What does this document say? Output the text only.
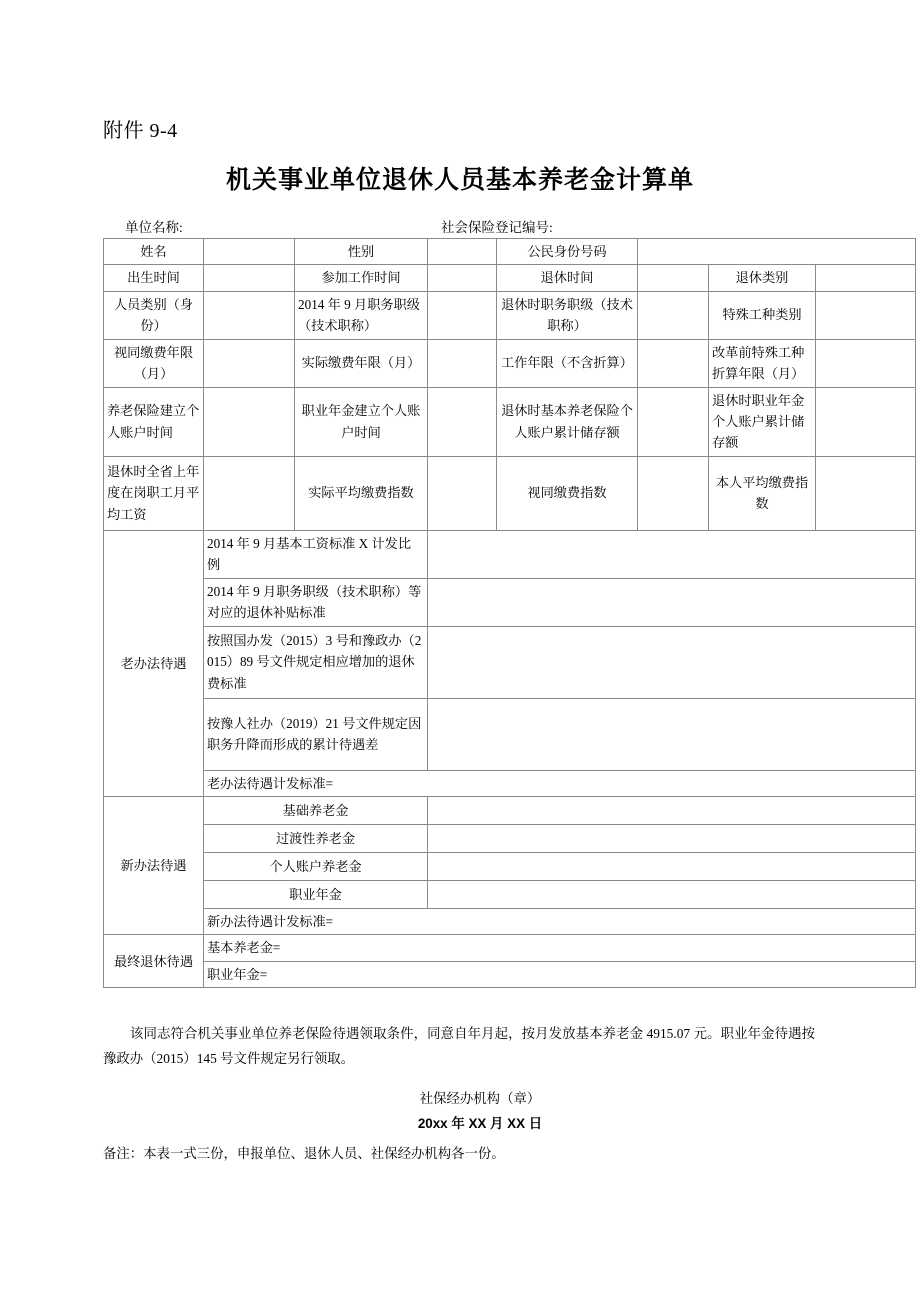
附件 9-4
机关事业单位退休人员基本养老金计算单
单位名称:	社会保险登记编号:
姓名		性别		公民身份号码			
出生时间		参加工作时间		退休时间		退休类别	
人员类别（身份）		2014 年 9 月职务职级（技术职称）		退休时职务职级（技术职称）		特殊工种类别	
视同缴费年限（月）		实际缴费年限（月）		工作年限（不含折算）		改革前特殊工种折算年限（月）	
养老保险建立个人账户时间		职业年金建立个人账户时间		退休时基本养老保险个人账户累计储存额		退休时职业年金个人账户累计储存额	
退休时全省上年度在岗职工月平均工资		实际平均缴费指数		视同缴费指数		本人平均缴费指数	
老办法待遇	2014 年 9 月基本工资标准 X 计发比例						
	2014 年 9 月职务职级（技术职称）等对应的退休补贴标准						
	按照国办发（2015）3 号和豫政办（2015）89 号文件规定相应增加的退休费标准						
	按豫人社办（2019）21 号文件规定因职务升降而形成的累计待遇差						
	老办法待遇计发标准=						
新办法待遇	基础养老金						
	过渡性养老金						
	个人账户养老金						
	职业年金						
	新办法待遇计发标准=						
最终退休待遇	基本养老金=						
	职业年金=						
该同志符合机关事业单位养老保险待遇领取条件，同意自年月起，按月发放基本养老金 4915.07 元。职业年金待遇按豫政办（2015）145 号文件规定另行领取。
社保经办机构（章）
20xx 年 XX 月 XX 日
备注：本表一式三份，申报单位、退休人员、社保经办机构各一份。
